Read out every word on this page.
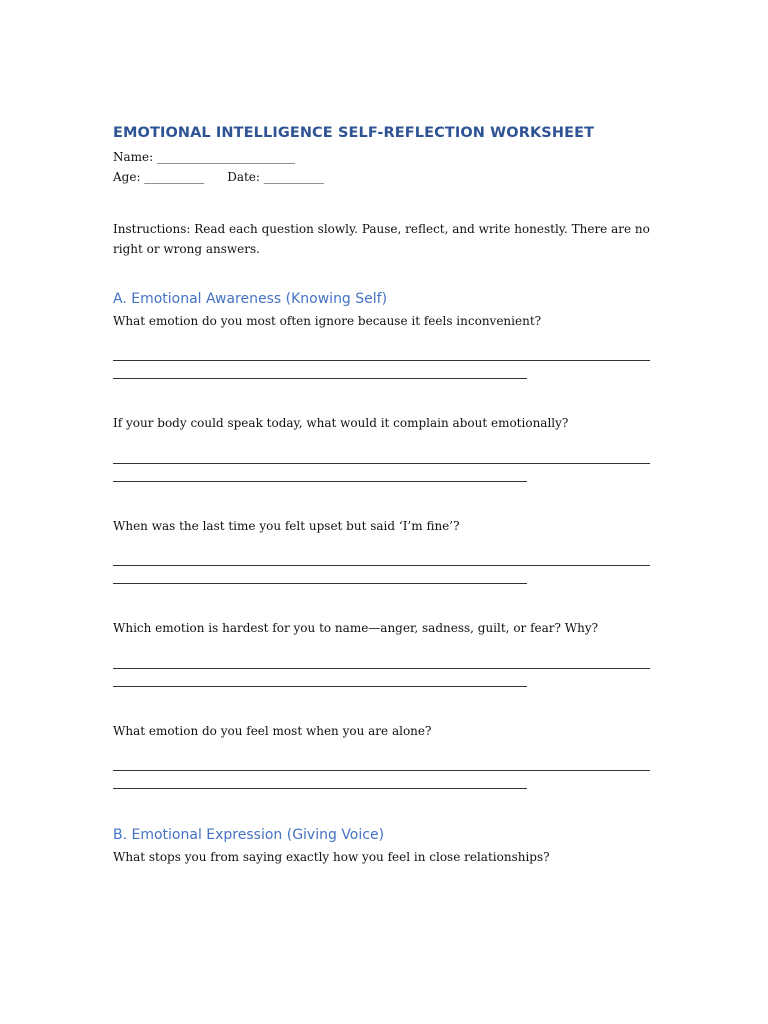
EMOTIONAL INTELLIGENCE SELF-REFLECTION WORKSHEET
Name: _______________________
Age: __________      Date: __________
Instructions: Read each question slowly. Pause, reflect, and write honestly. There are no right or wrong answers.
A. Emotional Awareness (Knowing Self)
What emotion do you most often ignore because it feels inconvenient?
If your body could speak today, what would it complain about emotionally?
When was the last time you felt upset but said ‘I’m fine’?
Which emotion is hardest for you to name—anger, sadness, guilt, or fear? Why?
What emotion do you feel most when you are alone?
B. Emotional Expression (Giving Voice)
What stops you from saying exactly how you feel in close relationships?
